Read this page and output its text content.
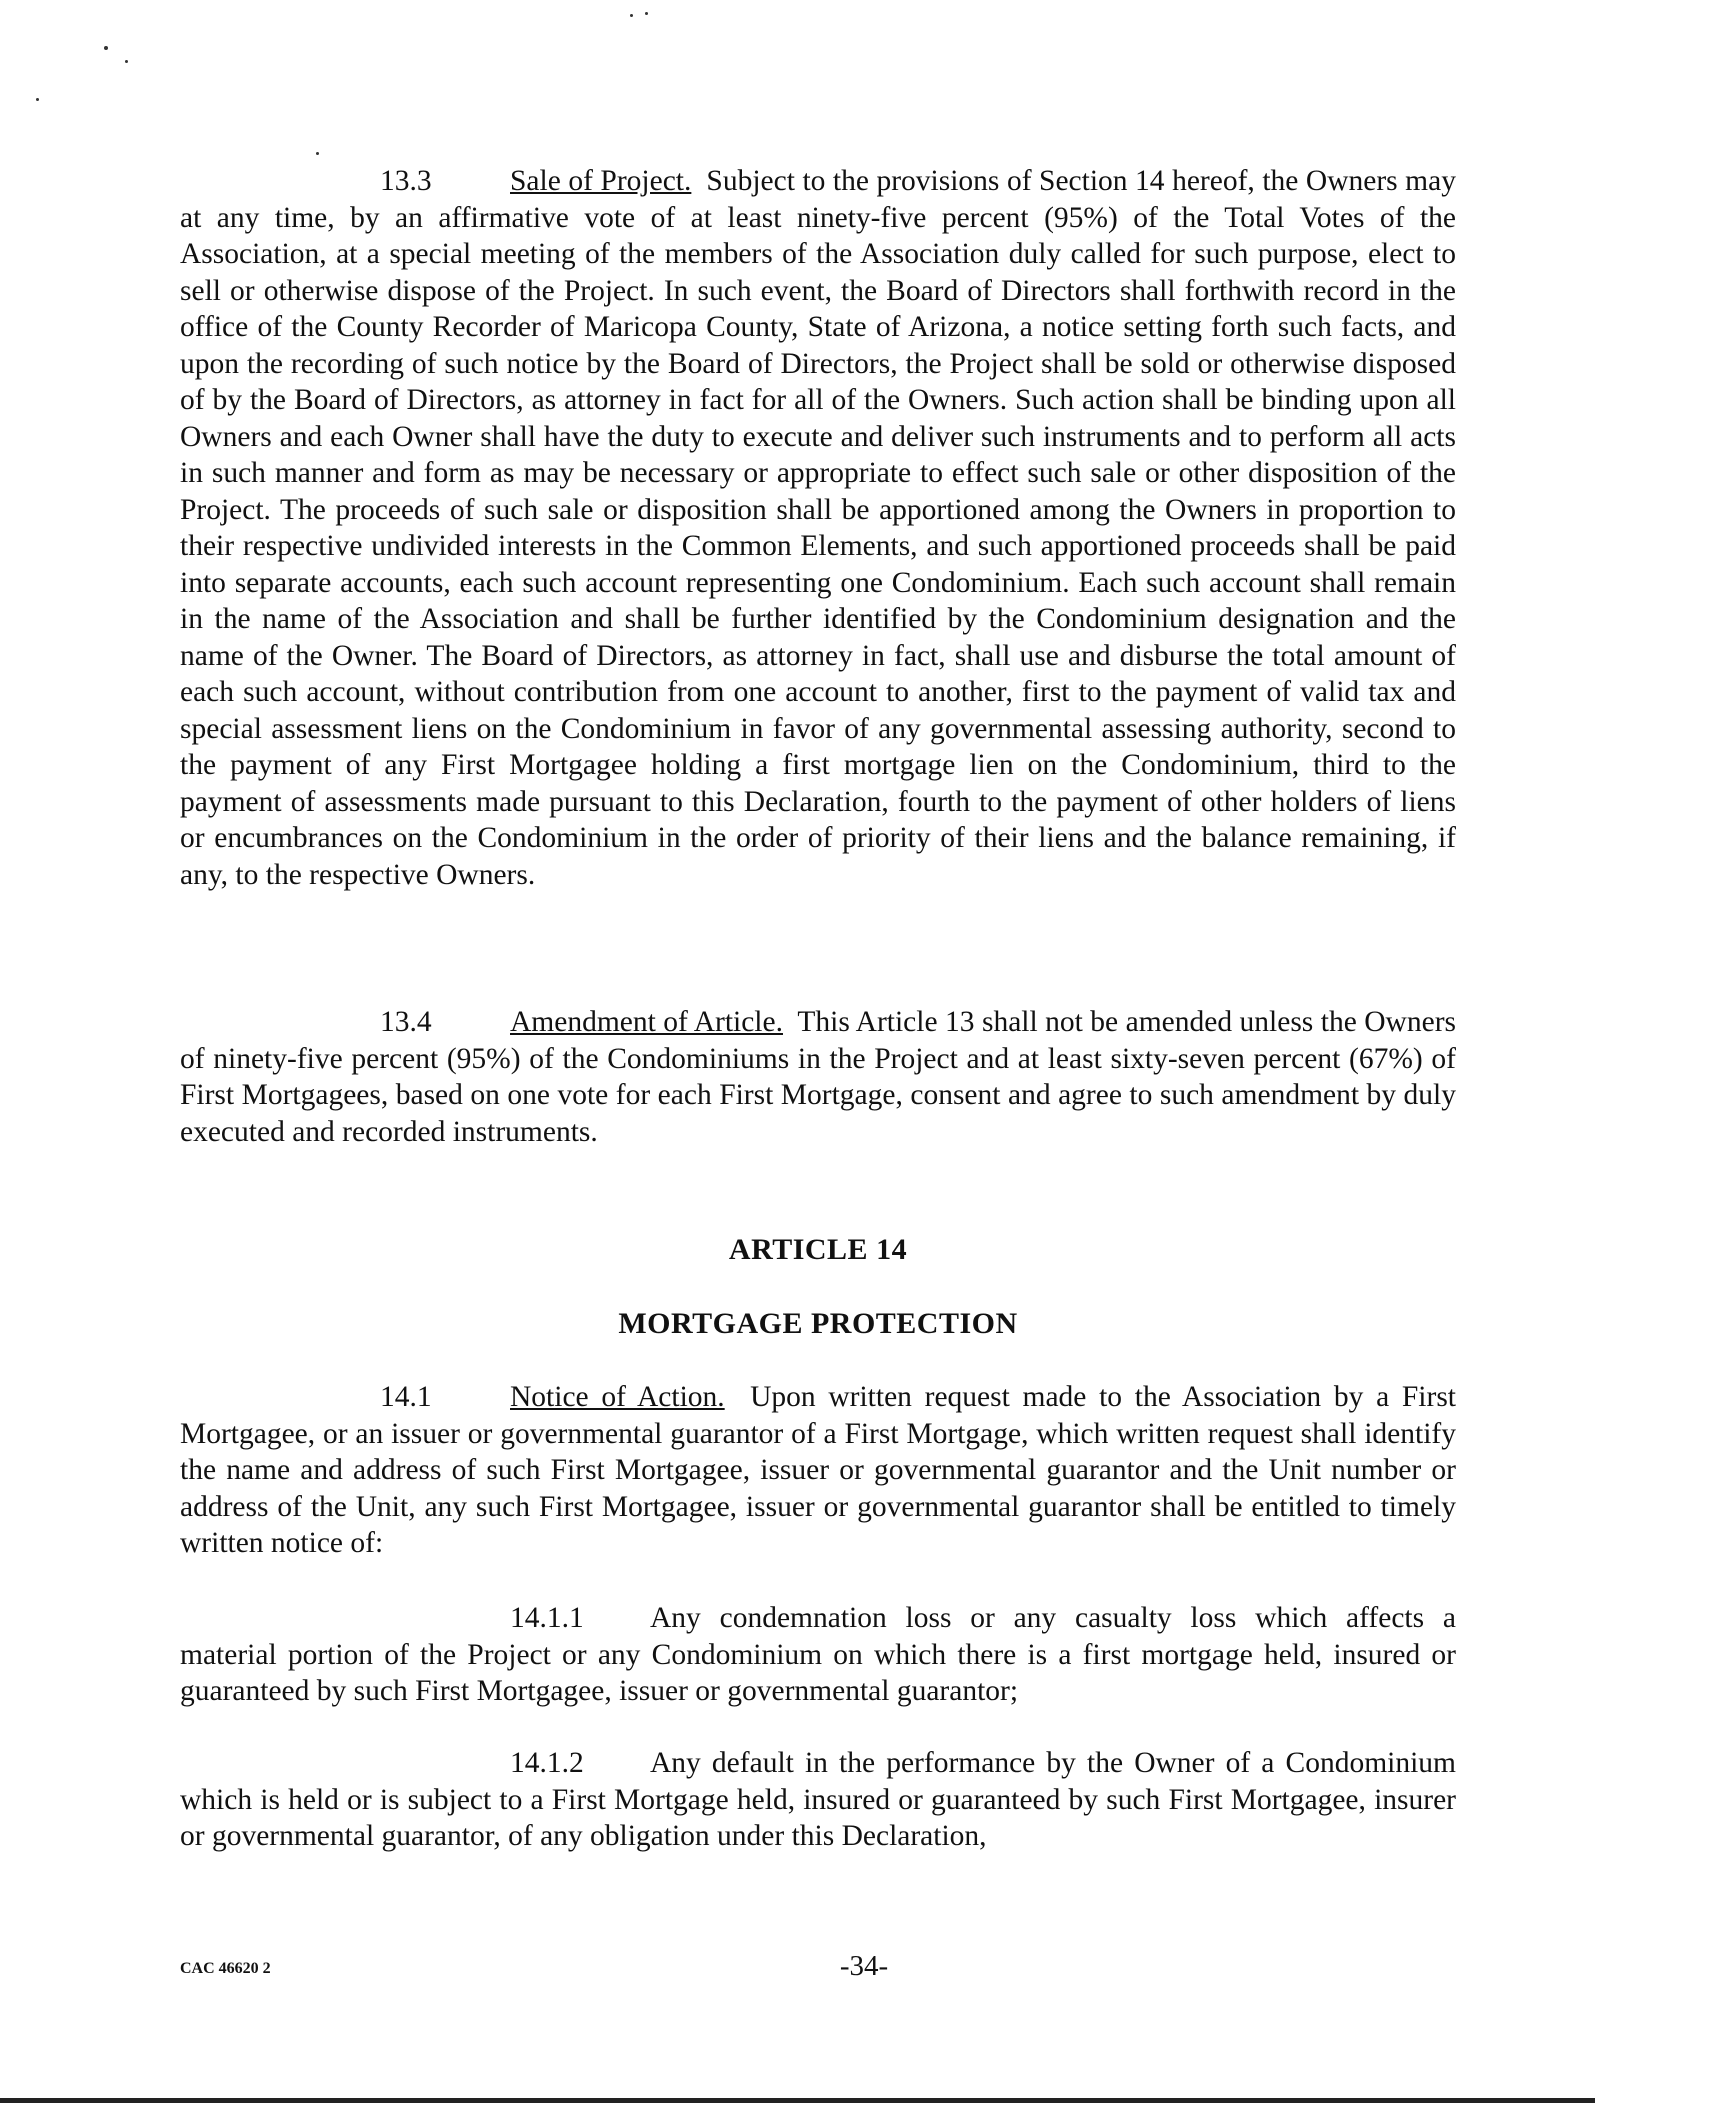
13.3	Sale of Project. Subject to the provisions of Section 14 hereof, the Owners may at any time, by an affirmative vote of at least ninety-five percent (95%) of the Total Votes of the Association, at a special meeting of the members of the Association duly called for such purpose, elect to sell or otherwise dispose of the Project. In such event, the Board of Directors shall forthwith record in the office of the County Recorder of Maricopa County, State of Arizona, a notice setting forth such facts, and upon the recording of such notice by the Board of Directors, the Project shall be sold or otherwise disposed of by the Board of Directors, as attorney in fact for all of the Owners. Such action shall be binding upon all Owners and each Owner shall have the duty to execute and deliver such instruments and to perform all acts in such manner and form as may be necessary or appropriate to effect such sale or other disposition of the Project. The proceeds of such sale or disposition shall be apportioned among the Owners in proportion to their respective undivided interests in the Common Elements, and such apportioned proceeds shall be paid into separate accounts, each such account representing one Condominium. Each such account shall remain in the name of the Association and shall be further identified by the Condominium designation and the name of the Owner. The Board of Directors, as attorney in fact, shall use and disburse the total amount of each such account, without contribution from one account to another, first to the payment of valid tax and special assessment liens on the Condominium in favor of any governmental assessing authority, second to the payment of any First Mortgagee holding a first mortgage lien on the Condominium, third to the payment of assessments made pursuant to this Declaration, fourth to the payment of other holders of liens or encumbrances on the Condominium in the order of priority of their liens and the balance remaining, if any, to the respective Owners.
13.4	Amendment of Article. This Article 13 shall not be amended unless the Owners of ninety-five percent (95%) of the Condominiums in the Project and at least sixty-seven percent (67%) of First Mortgagees, based on one vote for each First Mortgage, consent and agree to such amendment by duly executed and recorded instruments.
ARTICLE 14
MORTGAGE PROTECTION
14.1	Notice of Action. Upon written request made to the Association by a First Mortgagee, or an issuer or governmental guarantor of a First Mortgage, which written request shall identify the name and address of such First Mortgagee, issuer or governmental guarantor and the Unit number or address of the Unit, any such First Mortgagee, issuer or governmental guarantor shall be entitled to timely written notice of:
14.1.1 Any condemnation loss or any casualty loss which affects a material portion of the Project or any Condominium on which there is a first mortgage held, insured or guaranteed by such First Mortgagee, issuer or governmental guarantor;
14.1.2 Any default in the performance by the Owner of a Condominium which is held or is subject to a First Mortgage held, insured or guaranteed by such First Mortgagee, insurer or governmental guarantor, of any obligation under this Declaration,
CAC 46620 2	-34-
